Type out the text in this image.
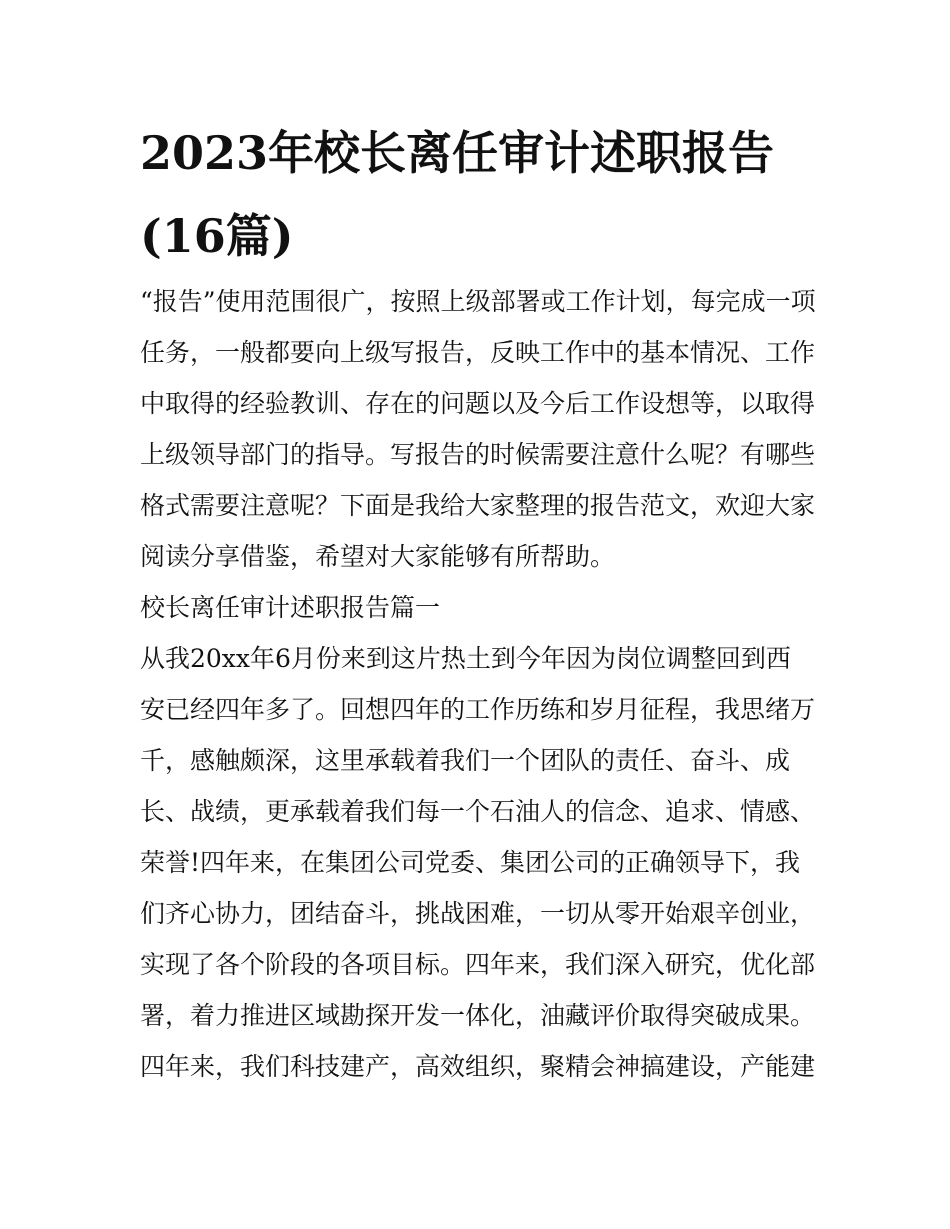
2023年校长离任审计述职报告
(16篇)

“报告”使用范围很广，按照上级部署或工作计划，每完成一项

任务，一般都要向上级写报告，反映工作中的基本情况、工作

中取得的经验教训、存在的问题以及今后工作设想等，以取得

上级领导部门的指导。写报告的时候需要注意什么呢？有哪些

格式需要注意呢？下面是我给大家整理的报告范文，欢迎大家

阅读分享借鉴，希望对大家能够有所帮助。

校长离任审计述职报告篇一

从我20xx年6月份来到这片热土到今年因为岗位调整回到西

安已经四年多了。回想四年的工作历练和岁月征程，我思绪万

千，感触颇深，这里承载着我们一个团队的责任、奋斗、成

长、战绩，更承载着我们每一个石油人的信念、追求、情感、

荣誉!四年来，在集团公司党委、集团公司的正确领导下，我

们齐心协力，团结奋斗，挑战困难，一切从零开始艰辛创业，

实现了各个阶段的各项目标。四年来，我们深入研究，优化部

署，着力推进区域勘探开发一体化，油藏评价取得突破成果。

四年来，我们科技建产，高效组织，聚精会神搞建设，产能建
